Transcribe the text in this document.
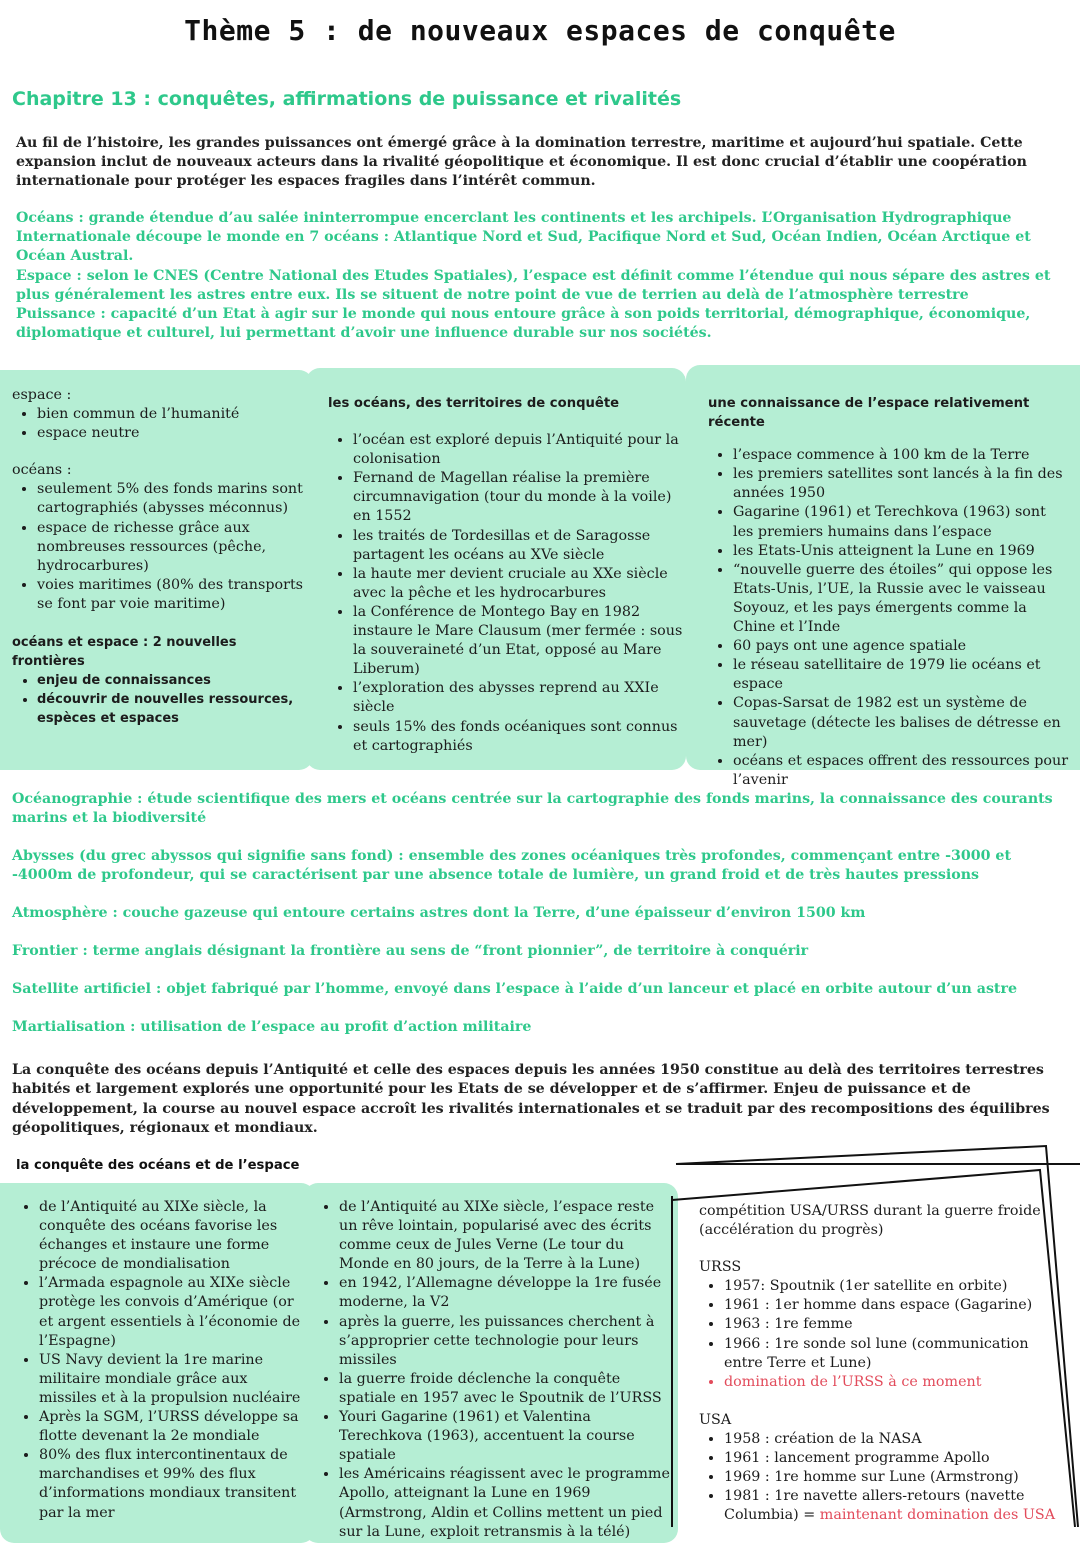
Thème 5 : de nouveaux espaces de conquête
Chapitre 13 : conquêtes, affirmations de puissance et rivalités
Au fil de l’histoire, les grandes puissances ont émergé grâce à la domination terrestre, maritime et aujourd’hui spatiale. Cette expansion inclut de nouveaux acteurs dans la rivalité géopolitique et économique. Il est donc crucial d’établir une coopération internationale pour protéger les espaces fragiles dans l’intérêt commun.

Océans : grande étendue d’au salée ininterrompue encerclant les continents et les archipels. L’Organisation Hydrographique Internationale découpe le monde en 7 océans : Atlantique Nord et Sud, Pacifique Nord et Sud, Océan Indien, Océan Arctique et Océan Austral.

Espace : selon le CNES (Centre National des Etudes Spatiales), l’espace est définit comme l’étendue qui nous sépare des astres et plus généralement les astres entre eux. Ils se situent de notre point de vue de terrien au delà de l’atmosphère terrestre

Puissance : capacité d’un Etat à agir sur le monde qui nous entoure grâce à son poids territorial, démographique, économique, diplomatique et culturel, lui permettant d’avoir une influence durable sur nos sociétés.

espace :

• bien commun de l’humanité
• espace neutre

océans :

• seulement 5% des fonds marins sont cartographiés (abysses méconnus)
• espace de richesse grâce aux nombreuses ressources (pêche, hydrocarbures)
• voies maritimes (80% des transports se font par voie maritime)

océans et espace : 2 nouvelles frontières

• enjeu de connaissances
• découvrir de nouvelles ressources, espèces et espaces

les océans, des territoires de conquête

• l’océan est exploré depuis l’Antiquité pour la colonisation
• Fernand de Magellan réalise la première circumnavigation (tour du monde à la voile) en 1552
• les traités de Tordesillas et de Saragosse partagent les océans au XVe siècle
• la haute mer devient cruciale au XXe siècle avec la pêche et les hydrocarbures
• la Conférence de Montego Bay en 1982 instaure le Mare Clausum (mer fermée : sous la souveraineté d’un Etat, opposé au Mare Liberum)
• l’exploration des abysses reprend au XXIe siècle
• seuls 15% des fonds océaniques sont connus et cartographiés

une connaissance de l’espace relativement récente

• l’espace commence à 100 km de la Terre
• les premiers satellites sont lancés à la fin des années 1950
• Gagarine (1961) et Terechkova (1963) sont les premiers humains dans l’espace
• les Etats-Unis atteignent la Lune en 1969
• “nouvelle guerre des étoiles” qui oppose les Etats-Unis, l’UE, la Russie avec le vaisseau Soyouz, et les pays émergents comme la Chine et l’Inde
• 60 pays ont une agence spatiale
• le réseau satellitaire de 1979 lie océans et espace
• Copas-Sarsat de 1982 est un système de sauvetage (détecte les balises de détresse en mer)
• océans et espaces offrent des ressources pour l’avenir

Océanographie : étude scientifique des mers et océans centrée sur la cartographie des fonds marins, la connaissance des courants marins et la biodiversité

Abysses (du grec abyssos qui signifie sans fond) : ensemble des zones océaniques très profondes, commençant entre -3000 et -4000m de profondeur, qui se caractérisent par une absence totale de lumière, un grand froid et de très hautes pressions

Atmosphère : couche gazeuse qui entoure certains astres dont la Terre, d’une épaisseur d’environ 1500 km

Frontier : terme anglais désignant la frontière au sens de “front pionnier”, de territoire à conquérir

Satellite artificiel : objet fabriqué par l’homme, envoyé dans l’espace à l’aide d’un lanceur et placé en orbite autour d’un astre

Martialisation : utilisation de l’espace au profit d’action militaire

La conquête des océans depuis l’Antiquité et celle des espaces depuis les années 1950 constitue au delà des territoires terrestres habités et largement explorés une opportunité pour les Etats de se développer et de s’affirmer. Enjeu de puissance et de développement, la course au nouvel espace accroît les rivalités internationales et se traduit par des recompositions des équilibres géopolitiques, régionaux et mondiaux.

la conquête des océans et de l’espace
• de l’Antiquité au XIXe siècle, la conquête des océans favorise les échanges et instaure une forme précoce de mondialisation
• l’Armada espagnole au XIXe siècle protège les convois d’Amérique (or et argent essentiels à l’économie de l’Espagne)
• US Navy devient la 1re marine militaire mondiale grâce aux missiles et à la propulsion nucléaire
• Après la SGM, l’URSS développe sa flotte devenant la 2e mondiale
• 80% des flux intercontinentaux de marchandises et 99% des flux d’informations mondiaux transitent par la mer
• de l’Antiquité au XIXe siècle, l’espace reste un rêve lointain, popularisé avec des écrits comme ceux de Jules Verne (Le tour du Monde en 80 jours, de la Terre à la Lune)
• en 1942, l’Allemagne développe la 1re fusée moderne, la V2
• après la guerre, les puissances cherchent à s’approprier cette technologie pour leurs missiles
• la guerre froide déclenche la conquête spatiale en 1957 avec le Spoutnik de l’URSS
• Youri Gagarine (1961) et Valentina Terechkova (1963), accentuent la course spatiale
• les Américains réagissent avec le programme Apollo, atteignant la Lune en 1969 (Armstrong, Aldin et Collins mettent un pied sur la Lune, exploit retransmis à la télé)

compétition USA/URSS durant la guerre froide (accélération du progrès)

URSS

• 1957: Spoutnik (1er satellite en orbite)
• 1961 : 1er homme dans espace (Gagarine)
• 1963 : 1re femme
• 1966 : 1re sonde sol lune (communication entre Terre et Lune)
• domination de l’URSS à ce moment

USA

• 1958 : création de la NASA
• 1961 : lancement programme Apollo
• 1969 : 1re homme sur Lune (Armstrong)
• 1981 : 1re navette allers-retours (navette Columbia) = maintenant domination des USA
